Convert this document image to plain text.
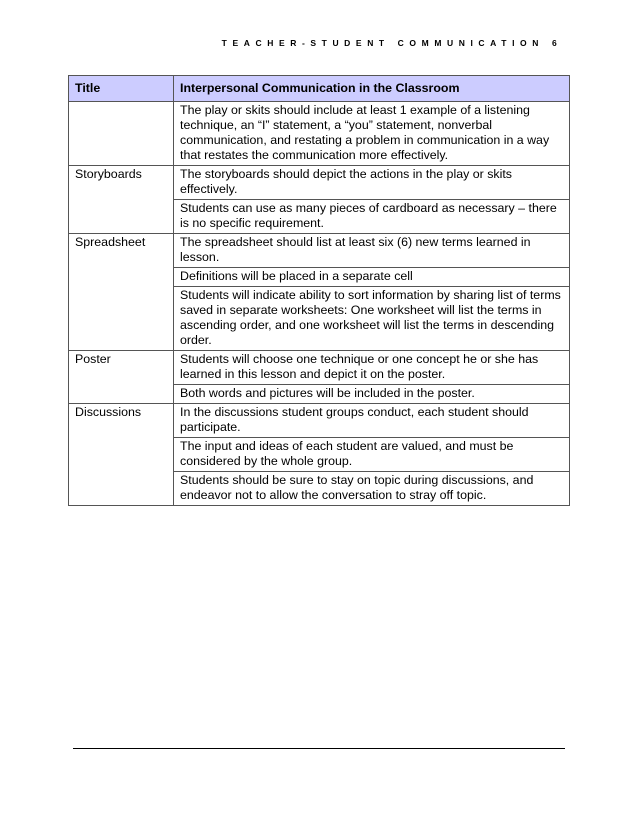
TEACHER-STUDENT COMMUNICATION 6
Title	Interpersonal Communication in the Classroom
	The play or skits should include at least 1 example of a listening technique, an “I” statement, a “you” statement, nonverbal communication, and restating a problem in communication in a way that restates the communication more effectively.
Storyboards	The storyboards should depict the actions in the play or skits effectively.
	Students can use as many pieces of cardboard as necessary – there is no specific requirement.
Spreadsheet	The spreadsheet should list at least six (6) new terms learned in lesson.
	Definitions will be placed in a separate cell
	Students will indicate ability to sort information by sharing list of terms saved in separate worksheets: One worksheet will list the terms in ascending order, and one worksheet will list the terms in descending order.
Poster	Students will choose one technique or one concept he or she has learned in this lesson and depict it on the poster.
	Both words and pictures will be included in the poster.
Discussions	In the discussions student groups conduct, each student should participate.
	The input and ideas of each student are valued, and must be considered by the whole group.
	Students should be sure to stay on topic during discussions, and endeavor not to allow the conversation to stray off topic.
